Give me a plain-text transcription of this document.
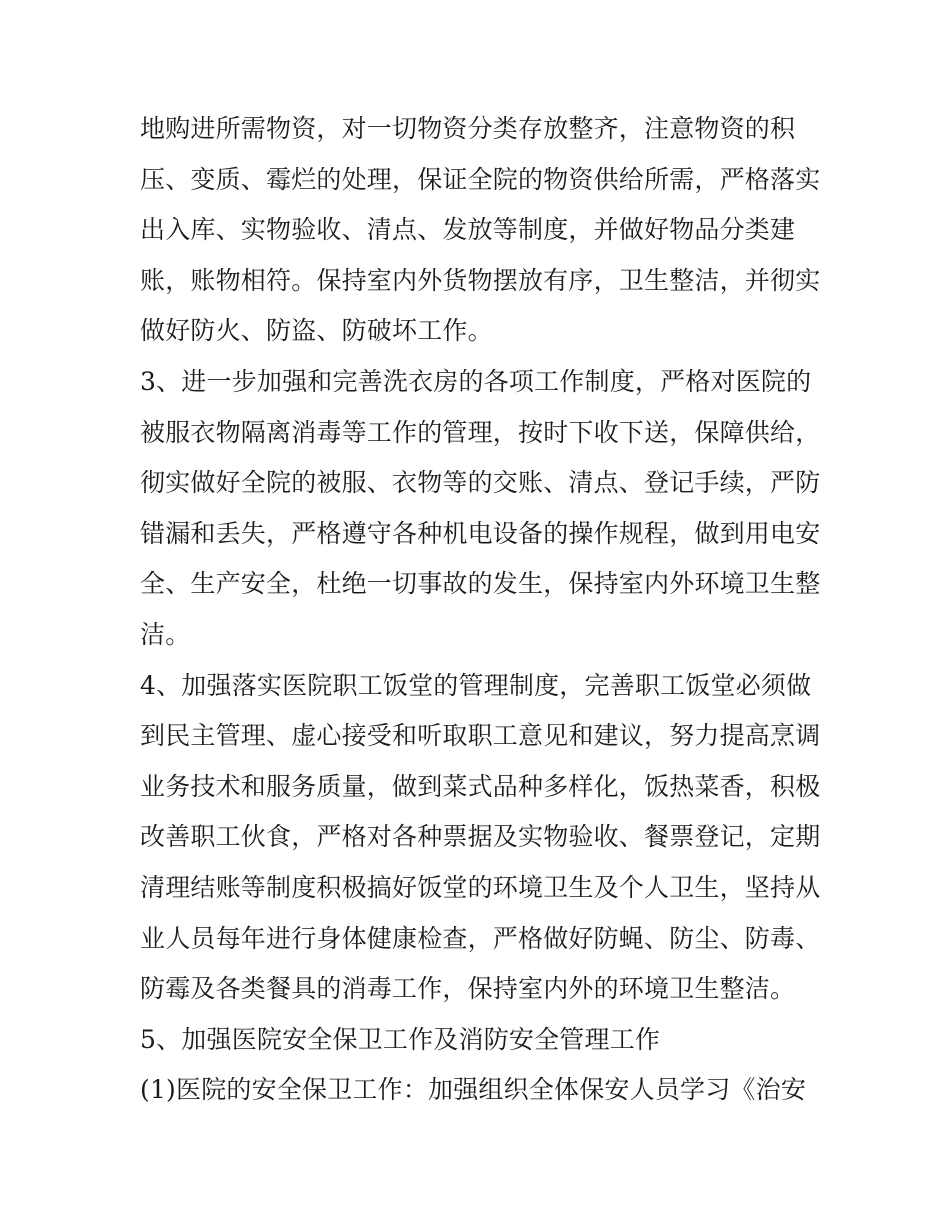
地购进所需物资，对一切物资分类存放整齐，注意物资的积
压、变质、霉烂的处理，保证全院的物资供给所需，严格落实
出入库、实物验收、清点、发放等制度，并做好物品分类建
账，账物相符。保持室内外货物摆放有序，卫生整洁，并彻实
做好防火、防盗、防破坏工作。
3、进一步加强和完善洗衣房的各项工作制度，严格对医院的
被服衣物隔离消毒等工作的管理，按时下收下送，保障供给，
彻实做好全院的被服、衣物等的交账、清点、登记手续，严防
错漏和丢失，严格遵守各种机电设备的操作规程，做到用电安
全、生产安全，杜绝一切事故的发生，保持室内外环境卫生整
洁。
4、加强落实医院职工饭堂的管理制度，完善职工饭堂必须做
到民主管理、虚心接受和听取职工意见和建议，努力提高烹调
业务技术和服务质量，做到菜式品种多样化，饭热菜香，积极
改善职工伙食，严格对各种票据及实物验收、餐票登记，定期
清理结账等制度积极搞好饭堂的环境卫生及个人卫生，坚持从
业人员每年进行身体健康检查，严格做好防蝇、防尘、防毒、
防霉及各类餐具的消毒工作，保持室内外的环境卫生整洁。
5、加强医院安全保卫工作及消防安全管理工作
(1)医院的安全保卫工作：加强组织全体保安人员学习《治安
